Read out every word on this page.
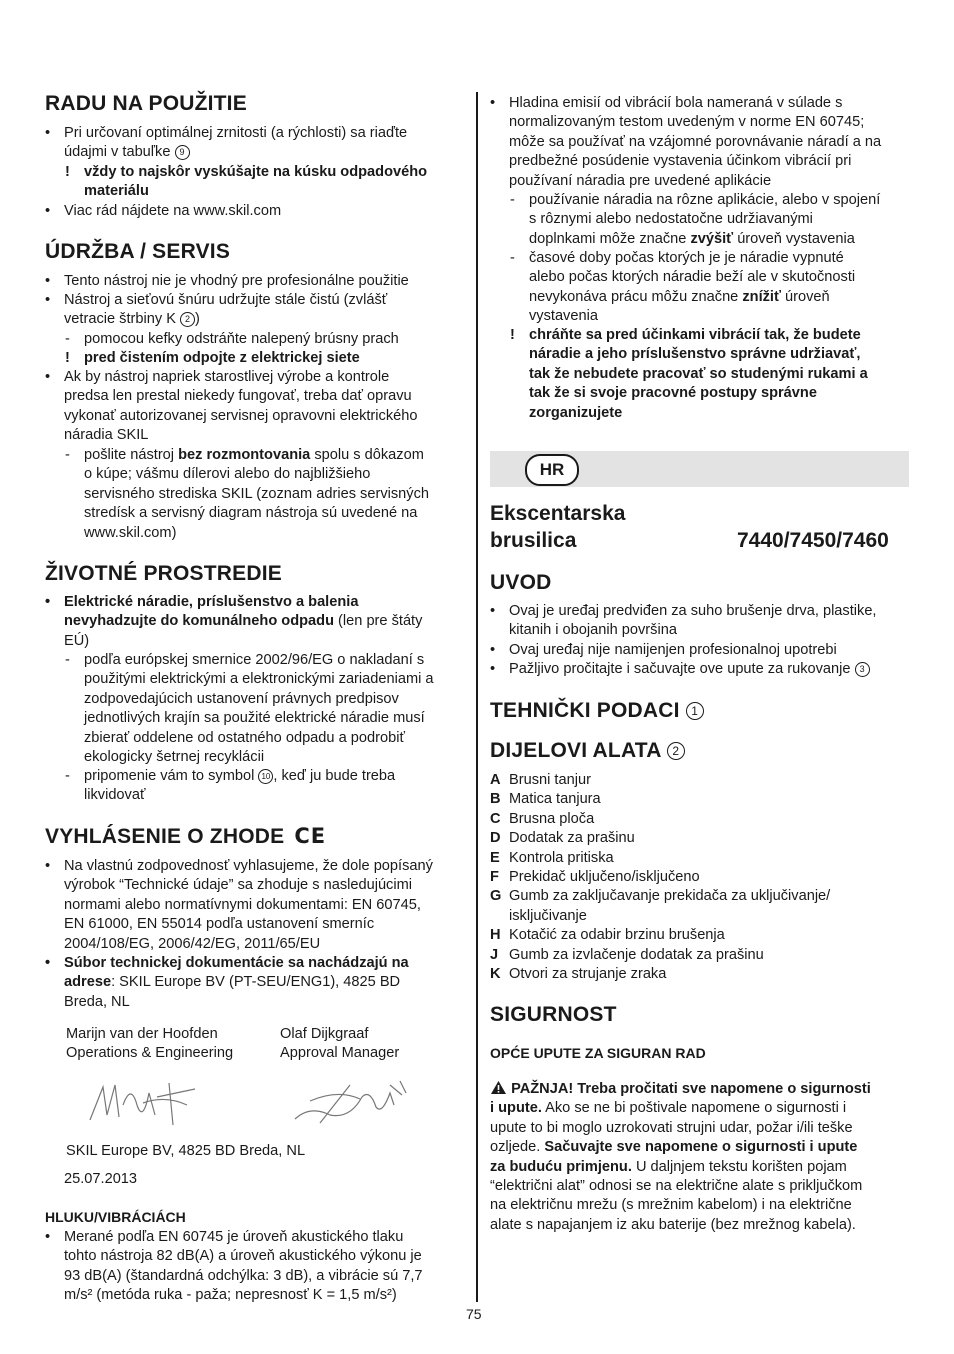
RADU NA POUŽITIE
• Pri určovaní optimálnej zrnitosti (a rýchlosti) sa riaďte
údajmi v tabuľke 9
! vždy to najskôr vyskúšajte na kúsku odpadového
materiálu
• Viac rád nájdete na www.skil.com
ÚDRŽBA / SERVIS
• Tento nástroj nie je vhodný pre profesionálne použitie
• Nástroj a sieťovú šnúru udržujte stále čistú (zvlášť
vetracie štrbiny K 2 )
- pomocou kefky odstráňte nalepený brúsny prach
! pred čistením odpojte z elektrickej siete
• Ak by nástroj napriek starostlivej výrobe a kontrole
predsa len prestal niekedy fungovať, treba dať opravu
vykonať autorizovanej servisnej opravovni elektrického
náradia SKIL
- pošlite nástroj bez rozmontovania spolu s dôkazom
o kúpe; vášmu dílerovi alebo do najbližšieho
servisného strediska SKIL (zoznam adries servisných
stredísk a servisný diagram nástroja sú uvedené na
www.skil.com)
ŽIVOTNÉ PROSTREDIE
• Elektrické náradie, príslušenstvo a balenia
nevyhadzujte do komunálneho odpadu (len pre štáty
EÚ)
- podľa európskej smernice 2002/96/EG o nakladaní s
použitými elektrickými a elektronickými zariadeniami a
zodpovedajúcich ustanovení právnych predpisov
jednotlivých krajín sa použité elektrické náradie musí
zbierať oddelene od ostatného odpadu a podrobiť
ekologicky šetrnej recyklácii
- pripomenie vám to symbol 10 , keď ju bude treba
likvidovať
VYHLÁSENIE O ZHODE CE
• Na vlastnú zodpovednosť vyhlasujeme, že dole popísaný
výrobok “Technické údaje” sa zhoduje s nasledujúcimi
normami alebo normatívnymi dokumentami: EN 60745,
EN 61000, EN 55014 podľa ustanovení smerníc
2004/108/EG, 2006/42/EG, 2011/65/EU
• Súbor technickej dokumentácie sa nachádzajú na
adrese: SKIL Europe BV (PT-SEU/ENG1), 4825 BD
Breda, NL
Marijn van der Hoofden
Operations & Engineering
Olaf Dijkgraaf
Approval Manager
SKIL Europe BV, 4825 BD Breda, NL
25.07.2013
HLUKU/VIBRÁCIÁCH
• Merané podľa EN 60745 je úroveň akustického tlaku
tohto nástroja 82 dB(A) a úroveň akustického výkonu je
93 dB(A) (štandardná odchýlka: 3 dB), a vibrácie sú 7,7
m/s² (metóda ruka - paža; nepresnosť K = 1,5 m/s²)
• Hladina emisií od vibrácií bola nameraná v súlade s
normalizovaným testom uvedeným v norme EN 60745;
môže sa používať na vzájomné porovnávanie náradí a na
predbežné posúdenie vystavenia účinkom vibrácií pri
používaní náradia pre uvedené aplikácie
- používanie náradia na rôzne aplikácie, alebo v spojení
s rôznymi alebo nedostatočne udržiavanými
doplnkami môže značne zvýšiť úroveň vystavenia
- časové doby počas ktorých je je náradie vypnuté
alebo počas ktorých náradie beží ale v skutočnosti
nevykonáva prácu môžu značne znížiť úroveň
vystavenia
! chráňte sa pred účinkami vibrácií tak, že budete
náradie a jeho príslušenstvo správne udržiavať,
tak že nebudete pracovať so studenými rukami a
tak že si svoje pracovné postupy správne
zorganizujete
HR
Ekscentarska
brusilica	7440/7450/7460
UVOD
• Ovaj je uređaj predviđen za suho brušenje drva, plastike,
kitanih i obojanih površina
• Ovaj uređaj nije namijenjen profesionalnoj upotrebi
• Pažljivo pročitajte i sačuvajte ove upute za rukovanje 3
TEHNIČKI PODACI 1
DIJELOVI ALATA 2
A Brusni tanjur
B Matica tanjura
C Brusna ploča
D Dodatak za prašinu
E Kontrola pritiska
F Prekidač uključeno/isključeno
G Gumb za zaključavanje prekidača za uključivanje/
isključivanje
H Kotačić za odabir brzinu brušenja
J Gumb za izvlačenje dodatak za prašinu
K Otvori za strujanje zraka
SIGURNOST
OPĆE UPUTE ZA SIGURAN RAD
PAŽNJA! Treba pročitati sve napomene o sigurnosti
i upute. Ako se ne bi poštivale napomene o sigurnosti i
upute to bi moglo uzrokovati strujni udar, požar i/ili teške
ozljede. Sačuvajte sve napomene o sigurnosti i upute
za buduću primjenu. U daljnjem tekstu korišten pojam
“električni alat” odnosi se na električne alate s priključkom
na električnu mrežu (s mrežnim kabelom) i na električne
alate s napajanjem iz aku baterije (bez mrežnog kabela).
75
